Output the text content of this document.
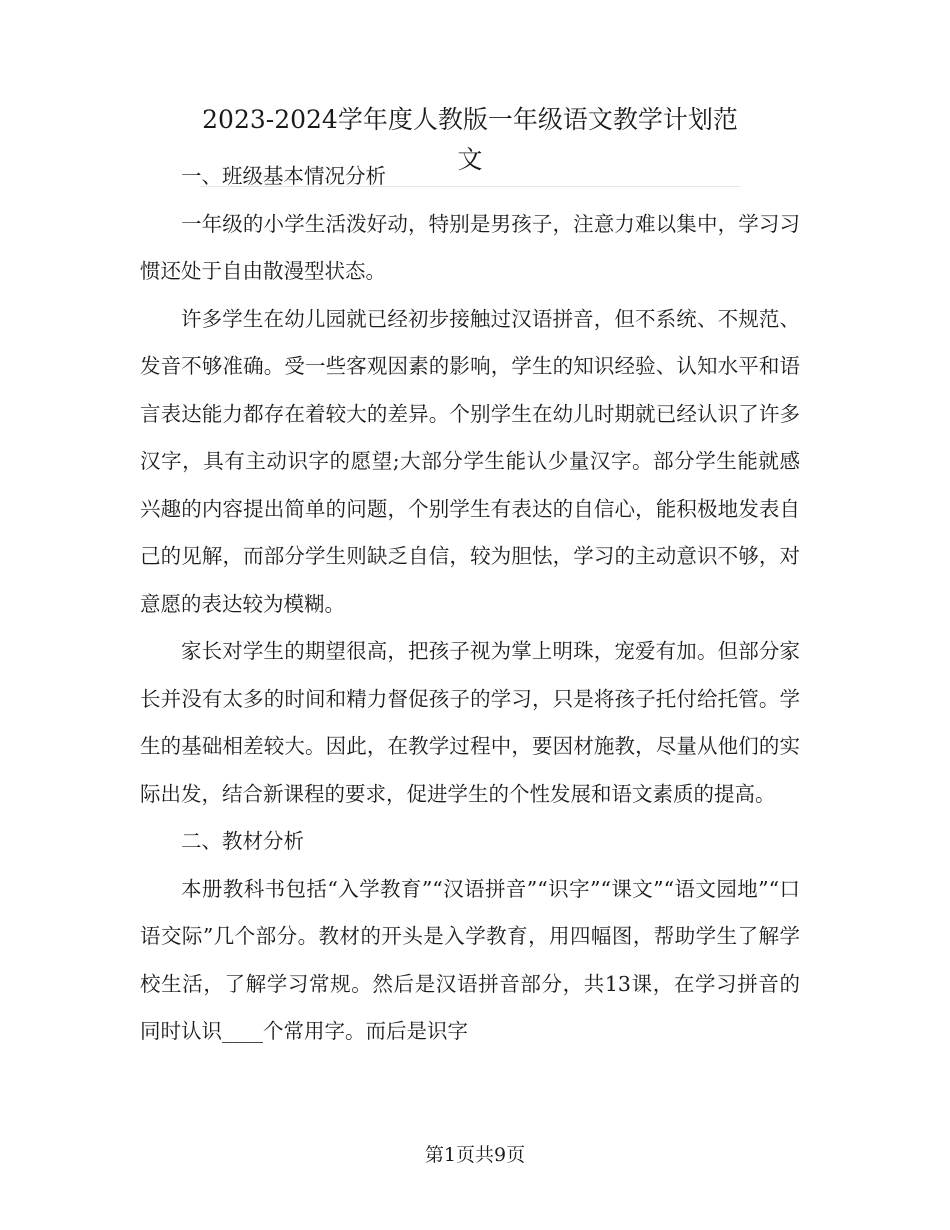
2023-2024学年度人教版一年级语文教学计划范文

一、班级基本情况分析

一年级的小学生活泼好动，特别是男孩子，注意力难以集中，学习习惯还处于自由散漫型状态。

许多学生在幼儿园就已经初步接触过汉语拼音，但不系统、不规范、发音不够准确。受一些客观因素的影响，学生的知识经验、认知水平和语言表达能力都存在着较大的差异。个别学生在幼儿时期就已经认识了许多汉字，具有主动识字的愿望;大部分学生能认少量汉字。部分学生能就感兴趣的内容提出简单的问题，个别学生有表达的自信心，能积极地发表自己的见解，而部分学生则缺乏自信，较为胆怯，学习的主动意识不够，对意愿的表达较为模糊。

家长对学生的期望很高，把孩子视为掌上明珠，宠爱有加。但部分家长并没有太多的时间和精力督促孩子的学习，只是将孩子托付给托管。学生的基础相差较大。因此，在教学过程中，要因材施教，尽量从他们的实际出发，结合新课程的要求，促进学生的个性发展和语文素质的提高。

二、教材分析

本册教科书包括“入学教育”“汉语拼音”“识字”“课文”“语文园地”“口语交际”几个部分。教材的开头是入学教育，用四幅图，帮助学生了解学校生活，了解学习常规。然后是汉语拼音部分，共13课，在学习拼音的同时认识____个常用字。而后是识字

第1页共9页
